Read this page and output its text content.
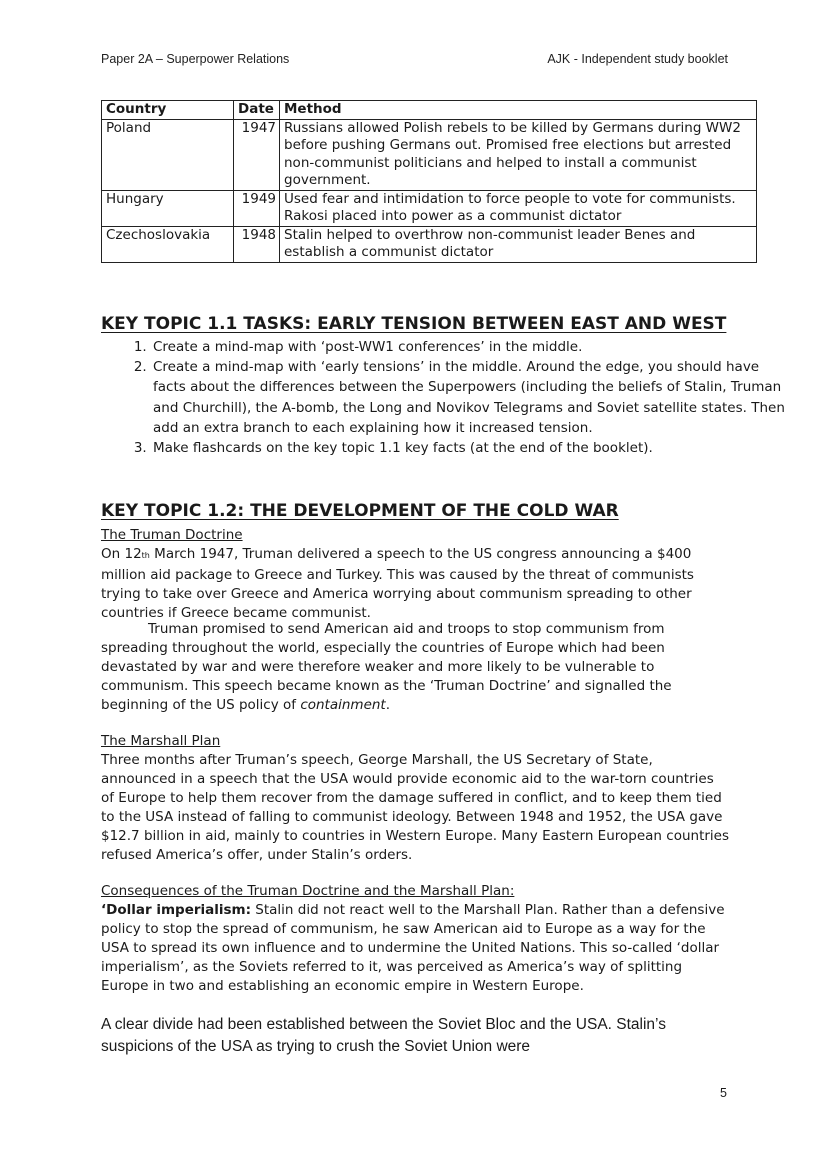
Paper 2A – Superpower Relations	AJK - Independent study booklet
Country	Date	Method
Poland	1947	Russians allowed Polish rebels to be killed by Germans during WW2 before pushing Germans out. Promised free elections but arrested non-communist politicians and helped to install a communist government.
Hungary	1949	Used fear and intimidation to force people to vote for communists. Rakosi placed into power as a communist dictator
Czechoslovakia	1948	Stalin helped to overthrow non-communist leader Benes and establish a communist dictator
KEY TOPIC 1.1 TASKS: EARLY TENSION BETWEEN EAST AND WEST
1. Create a mind-map with ‘post-WW1 conferences’ in the middle.
2. Create a mind-map with ‘early tensions’ in the middle. Around the edge, you should have facts about the differences between the Superpowers (including the beliefs of Stalin, Truman and Churchill), the A-bomb, the Long and Novikov Telegrams and Soviet satellite states. Then add an extra branch to each explaining how it increased tension.
3. Make flashcards on the key topic 1.1 key facts (at the end of the booklet).
KEY TOPIC 1.2: THE DEVELOPMENT OF THE COLD WAR
The Truman Doctrine

On 12th March 1947, Truman delivered a speech to the US congress announcing a $400 million aid package to Greece and Turkey. This was caused by the threat of communists trying to take over Greece and America worrying about communism spreading to other countries if Greece became communist.

Truman promised to send American aid and troops to stop communism from spreading throughout the world, especially the countries of Europe which had been devastated by war and were therefore weaker and more likely to be vulnerable to communism. This speech became known as the ‘Truman Doctrine’ and signalled the beginning of the US policy of containment.

The Marshall Plan

Three months after Truman’s speech, George Marshall, the US Secretary of State, announced in a speech that the USA would provide economic aid to the war-torn countries of Europe to help them recover from the damage suffered in conflict, and to keep them tied to the USA instead of falling to communist ideology. Between 1948 and 1952, the USA gave $12.7 billion in aid, mainly to countries in Western Europe. Many Eastern European countries refused America’s offer, under Stalin’s orders.

Consequences of the Truman Doctrine and the Marshall Plan:

‘Dollar imperialism: Stalin did not react well to the Marshall Plan. Rather than a defensive policy to stop the spread of communism, he saw American aid to Europe as a way for the USA to spread its own influence and to undermine the United Nations. This so-called ‘dollar imperialism’, as the Soviets referred to it, was perceived as America’s way of splitting Europe in two and establishing an economic empire in Western Europe.

A clear divide had been established between the Soviet Bloc and the USA. Stalin’s suspicions of the USA as trying to crush the Soviet Union were

5
